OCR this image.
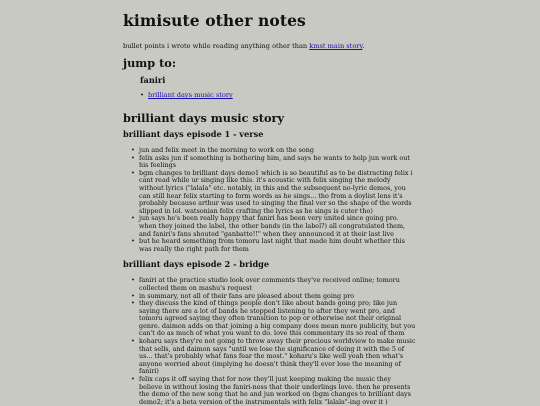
kimisute other notes

bullet points i wrote while reading anything other than kmst main story.

jump to:
faniri
• brilliant days music story
brilliant days music story
brilliant days episode 1 - verse
• jun and felix meet in the morning to work on the song
• felix asks jun if something is bothering him, and says he wants to help jun work out his feelings
• bgm changes to brilliant days demo1 which is so beautiful as to be distracting felix i cant read while ur singing like this. it's acoustic with felix singing the melody without lyrics ("lalala" etc. notably, in this and the subsequent no-lyric demos, you can still hear felix starting to form words as he sings... tho from a doylist lens it's probably because arthur was used to singing the final ver so the shape of the words slipped in lol. watsonian felix crafting the lyrics as he sings is cuter tho)
• jun says he's been really happy that faniri has been very united since going pro. when they joined the label, the other bands (in the label?) all congratulated them, and faniri's fans shouted "ganbatte!!" when they announced it at their last live
• but he heard something from tomoru last night that made him doubt whether this was really the right path for them
brilliant days episode 2 - bridge
• faniri at the practice studio look over comments they've received online; tomoru collected them on mashu's request
• in summary, not all of their fans are pleased about them going pro
• they discuss the kind of things people don't like about bands going pro; like jun saying there are a lot of bands he stopped listening to after they went pro, and tomoru agreed saying they often transition to pop or otherwise not their original genre. daimon adds on that joining a big company does mean more publicity, but you can't do as much of what you want to do. love this commentary its so real of them
• koharu says they're not going to throw away their precious worldview to make music that sells, and daimon says "until we lose the significance of doing it with the 5 of us... that's probably what fans fear the most." koharu's like well yeah then what's anyone worried about (implying he doesn't think they'll ever lose the meaning of faniri)
• felix caps it off saying that for now they'll just keeping making the music they believe in without losing the faniri-ness that their underlings love. then he presents the demo of the new song that he and jun worked on (bgm changes to brilliant days demo2; it's a beta version of the instrumentals with felix "lalala"-ing over it )
